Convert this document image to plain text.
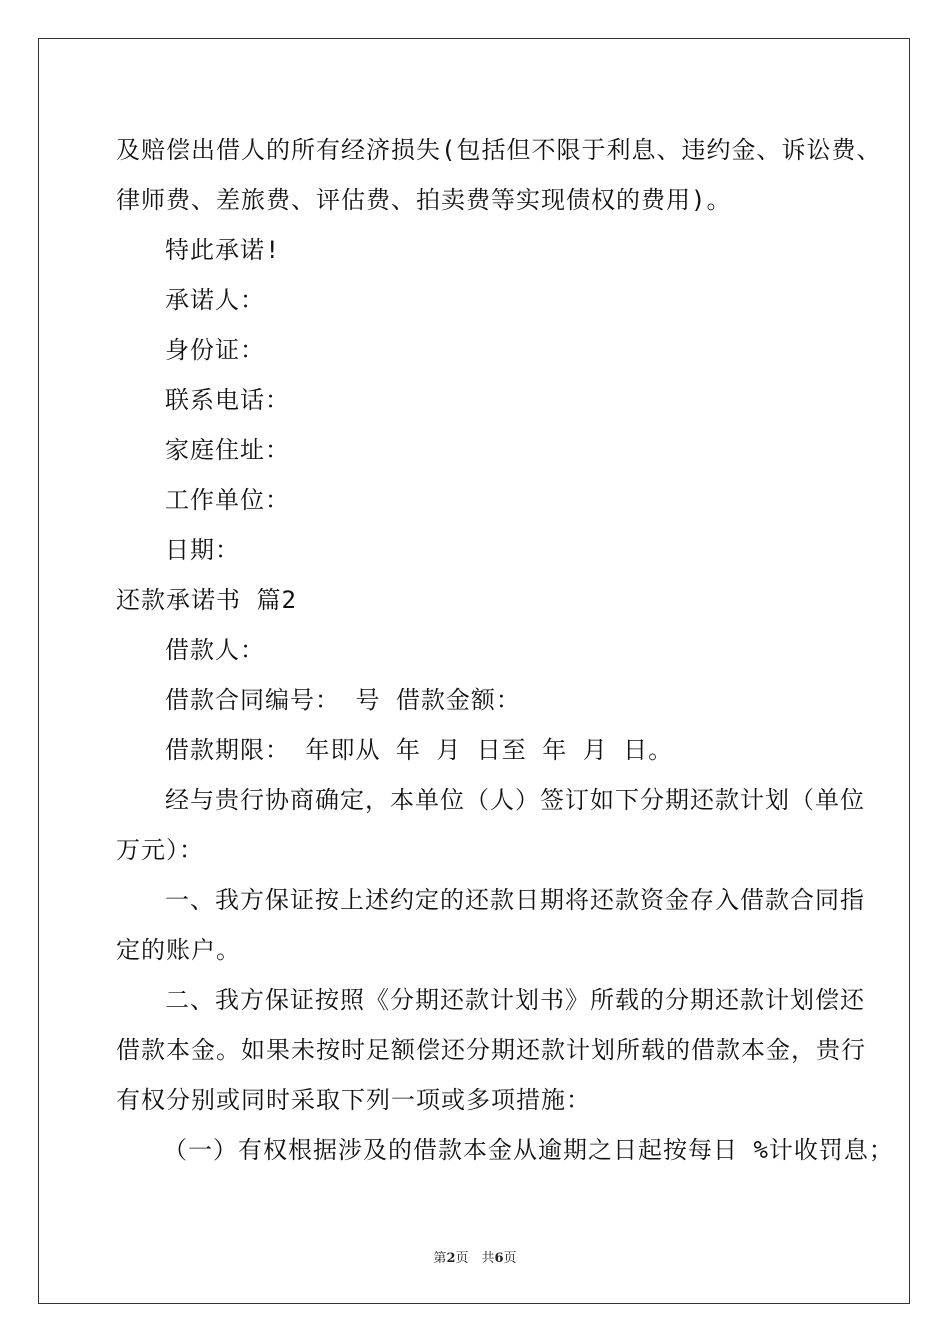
及赔偿出借人的所有经济损失(包括但不限于利息、违约金、诉讼费、
律师费、差旅费、评估费、拍卖费等实现债权的费用)。
特此承诺!
承诺人：
身份证：
联系电话：
家庭住址：
工作单位：
日期：
还款承诺书 篇2
借款人：
借款合同编号： 号 借款金额：
借款期限： 年即从 年 月 日至 年 月 日。
经与贵行协商确定，本单位（人）签订如下分期还款计划（单位
万元）：
一、我方保证按上述约定的还款日期将还款资金存入借款合同指
定的账户。
二、我方保证按照《分期还款计划书》所载的分期还款计划偿还
借款本金。如果未按时足额偿还分期还款计划所载的借款本金，贵行
有权分别或同时采取下列一项或多项措施：
（一）有权根据涉及的借款本金从逾期之日起按每日 %计收罚息；
第2页　共6页
